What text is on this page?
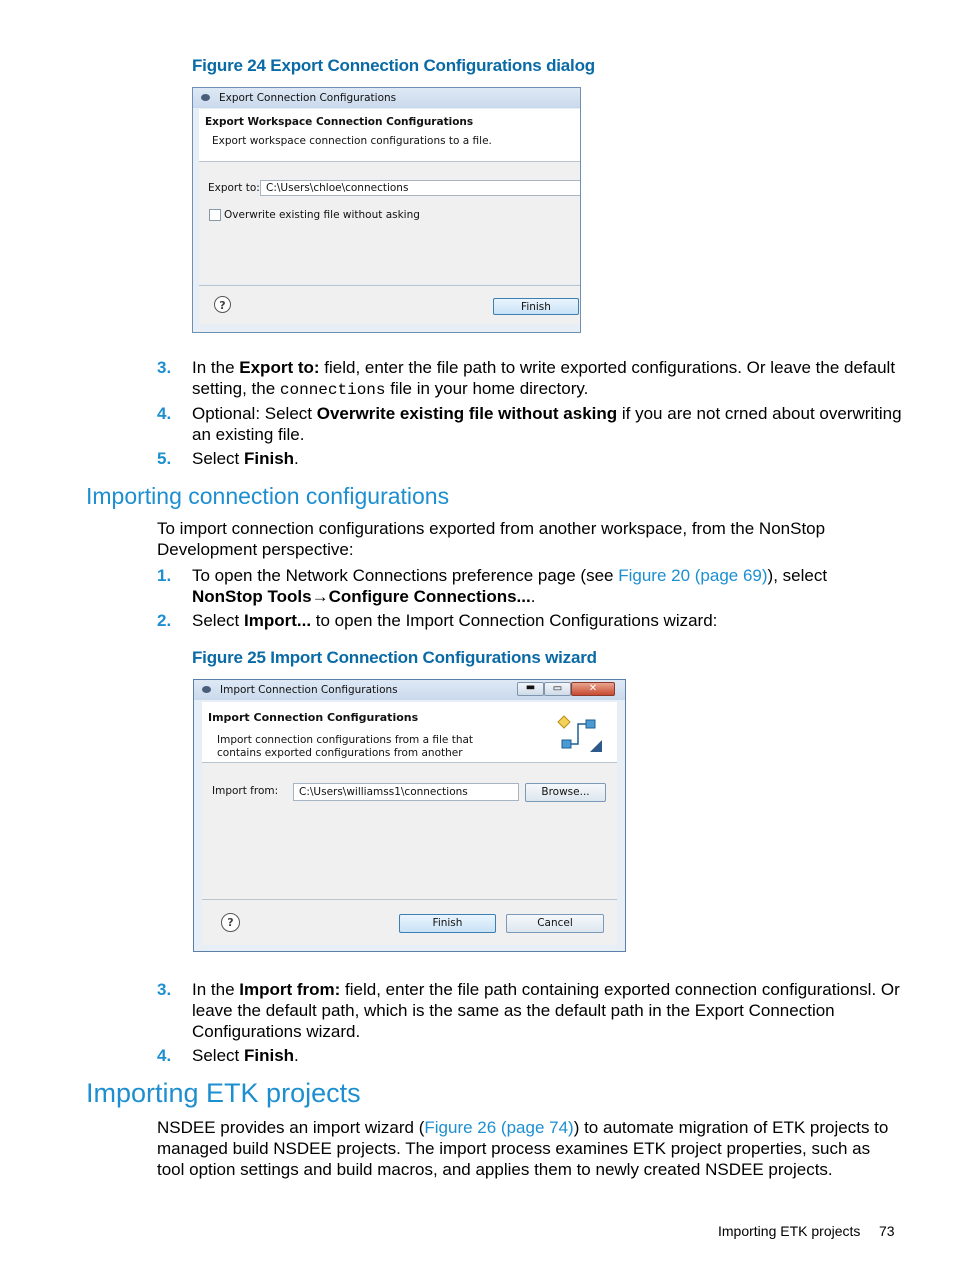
Figure 24 Export Connection Configurations dialog
Export Connection Configurations
Export Workspace Connection Configurations
Export workspace connection configurations to a file.
Export to: C:\Users\chloe\connections
Overwrite existing file without asking
?	Finish
3. In the Export to: field, enter the file path to write exported configurations. Or leave the default setting, the connections file in your home directory.
4. Optional: Select Overwrite existing file without asking if you are not crned about overwriting an existing file.
5. Select Finish.
Importing connection configurations
To import connection configurations exported from another workspace, from the NonStop Development perspective:
1. To open the Network Connections preference page (see Figure 20 (page 69)), select NonStop Tools→Configure Connections....
2. Select Import... to open the Import Connection Configurations wizard:
Figure 25 Import Connection Configurations wizard
Import Connection Configurations	▬	▭	✕
Import Connection Configurations
Import connection configurations from a file that
contains exported configurations from another
Import from:	C:\Users\williamss1\connections	Browse...
?	Finish	Cancel
3. In the Import from: field, enter the file path containing exported connection configurationsl. Or leave the default path, which is the same as the default path in the Export Connection Configurations wizard.
4. Select Finish.
Importing ETK projects
NSDEE provides an import wizard (Figure 26 (page 74)) to automate migration of ETK projects to managed build NSDEE projects. The import process examines ETK project properties, such as tool option settings and build macros, and applies them to newly created NSDEE projects.
Importing ETK projects 73
